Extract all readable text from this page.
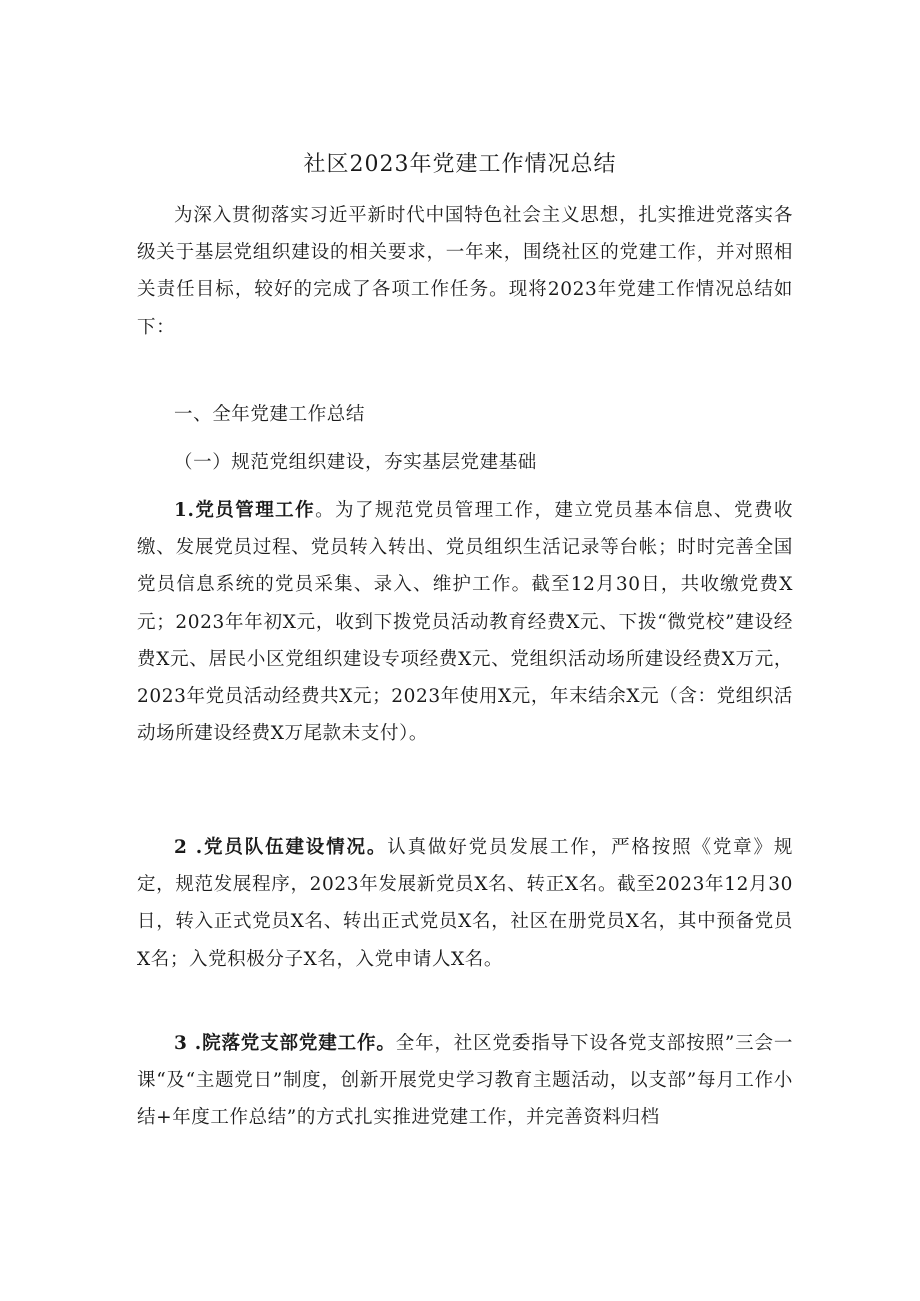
社区2023年党建工作情况总结

为深入贯彻落实习近平新时代中国特色社会主义思想，扎实推进党落实各级关于基层党组织建设的相关要求，一年来，围绕社区的党建工作，并对照相关责任目标，较好的完成了各项工作任务。现将2023年党建工作情况总结如下：

一、全年党建工作总结

（一）规范党组织建设，夯实基层党建基础

1.党员管理工作。为了规范党员管理工作，建立党员基本信息、党费收缴、发展党员过程、党员转入转出、党员组织生活记录等台帐；时时完善全国党员信息系统的党员采集、录入、维护工作。截至12月30日，共收缴党费X元；2023年年初X元，收到下拨党员活动教育经费X元、下拨“微党校”建设经费X元、居民小区党组织建设专项经费X元、党组织活动场所建设经费X万元，2023年党员活动经费共X元；2023年使用X元，年末结余X元（含：党组织活动场所建设经费X万尾款未支付）。

2 .党员队伍建设情况。认真做好党员发展工作，严格按照《党章》规定，规范发展程序，2023年发展新党员X名、转正X名。截至2023年12月30日，转入正式党员X名、转出正式党员X名，社区在册党员X名，其中预备党员X名；入党积极分子X名，入党申请人X名。

3 .院落党支部党建工作。全年，社区党委指导下设各党支部按照”三会一课“及“主题党日”制度，创新开展党史学习教育主题活动，以支部”每月工作小结+年度工作总结”的方式扎实推进党建工作，并完善资料归档
